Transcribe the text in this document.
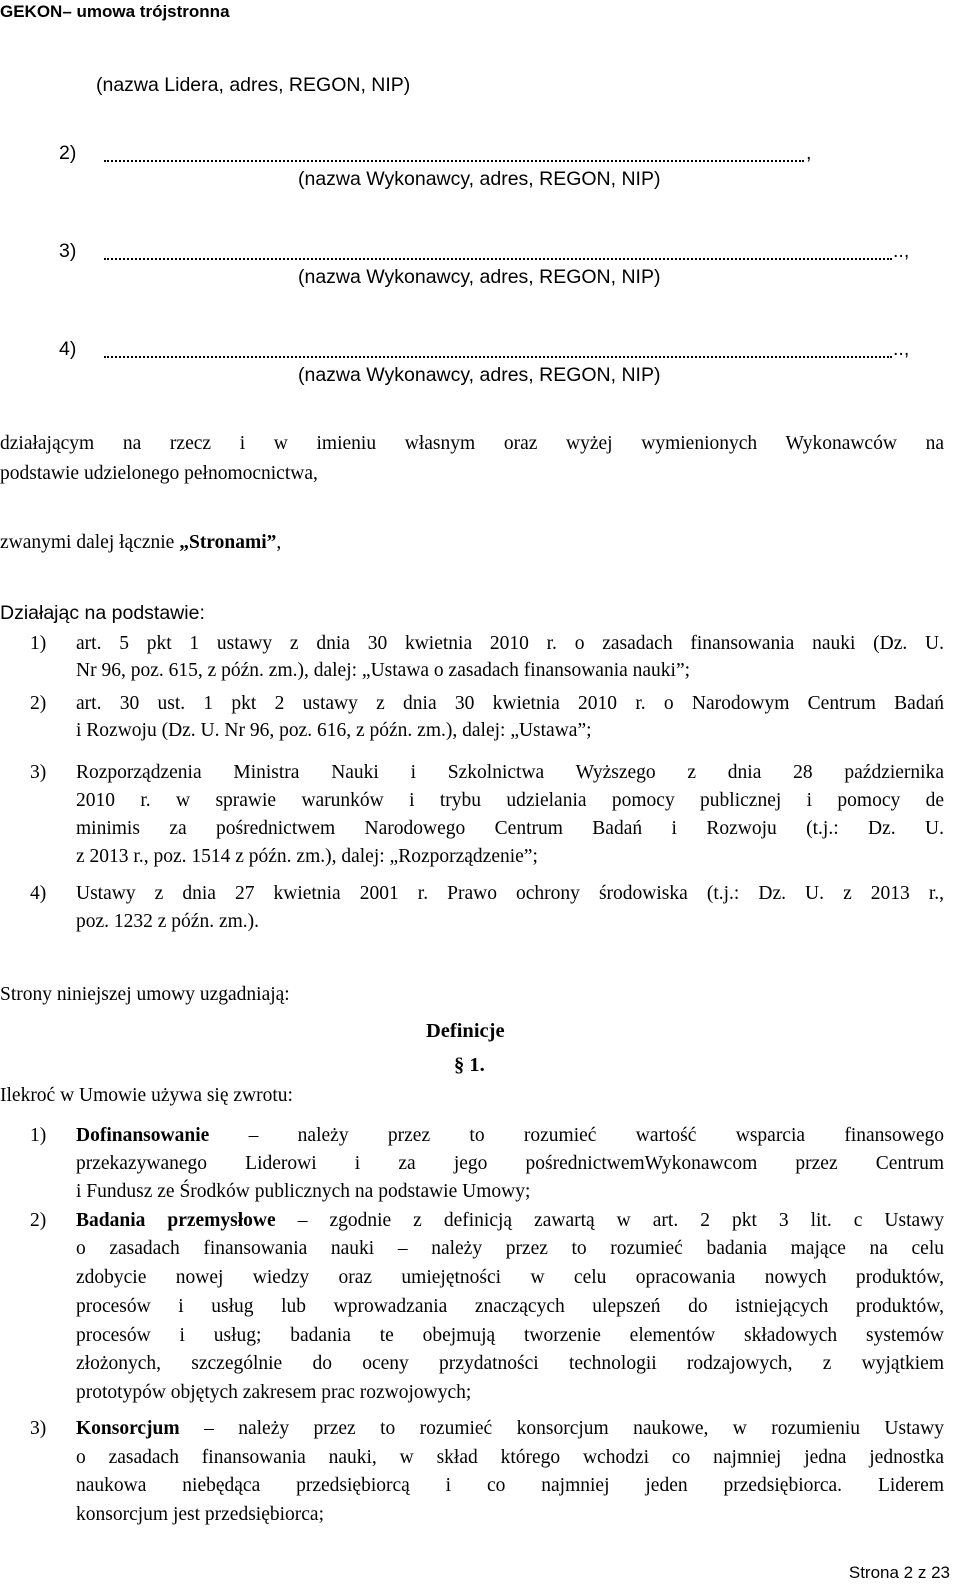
GEKON– umowa trójstronna
(nazwa Lidera, adres, REGON, NIP)
2)	,
(nazwa Wykonawcy, adres, REGON, NIP)
3)	..,
(nazwa Wykonawcy, adres, REGON, NIP)
4)	..,
(nazwa Wykonawcy, adres, REGON, NIP)
działającym na rzecz i w imieniu własnym oraz wyżej wymienionych Wykonawców na
podstawie udzielonego pełnomocnictwa,
zwanymi dalej łącznie „Stronami”,
Działając na podstawie:
1) art. 5 pkt 1 ustawy z dnia 30 kwietnia 2010 r. o zasadach finansowania nauki (Dz. U.
Nr 96, poz. 615, z późn. zm.), dalej: „Ustawa o zasadach finansowania nauki”;
2) art. 30 ust. 1 pkt 2 ustawy z dnia 30 kwietnia 2010 r. o Narodowym Centrum Badań
i Rozwoju (Dz. U. Nr 96, poz. 616, z późn. zm.), dalej: „Ustawa”;
3) Rozporządzenia Ministra Nauki i Szkolnictwa Wyższego z dnia 28 października
2010 r. w sprawie warunków i trybu udzielania pomocy publicznej i pomocy de
minimis za pośrednictwem Narodowego Centrum Badań i Rozwoju (t.j.: Dz. U.
z 2013 r., poz. 1514 z późn. zm.), dalej: „Rozporządzenie”;
4) Ustawy z dnia 27 kwietnia 2001 r. Prawo ochrony środowiska (t.j.: Dz. U. z 2013 r.,
poz. 1232 z późn. zm.).
Strony niniejszej umowy uzgadniają:
Definicje
§ 1.
Ilekroć w Umowie używa się zwrotu:
1) Dofinansowanie – należy przez to rozumieć wartość wsparcia finansowego
przekazywanego Liderowi i za jego pośrednictwemWykonawcom przez Centrum
i Fundusz ze Środków publicznych na podstawie Umowy;
2) Badania przemysłowe – zgodnie z definicją zawartą w art. 2 pkt 3 lit. c Ustawy
o zasadach finansowania nauki – należy przez to rozumieć badania mające na celu
zdobycie nowej wiedzy oraz umiejętności w celu opracowania nowych produktów,
procesów i usług lub wprowadzania znaczących ulepszeń do istniejących produktów,
procesów i usług; badania te obejmują tworzenie elementów składowych systemów
złożonych, szczególnie do oceny przydatności technologii rodzajowych, z wyjątkiem
prototypów objętych zakresem prac rozwojowych;
3) Konsorcjum – należy przez to rozumieć konsorcjum naukowe, w rozumieniu Ustawy
o zasadach finansowania nauki, w skład którego wchodzi co najmniej jedna jednostka
naukowa niebędąca przedsiębiorcą i co najmniej jeden przedsiębiorca. Liderem
konsorcjum jest przedsiębiorca;
Strona 2 z 23
